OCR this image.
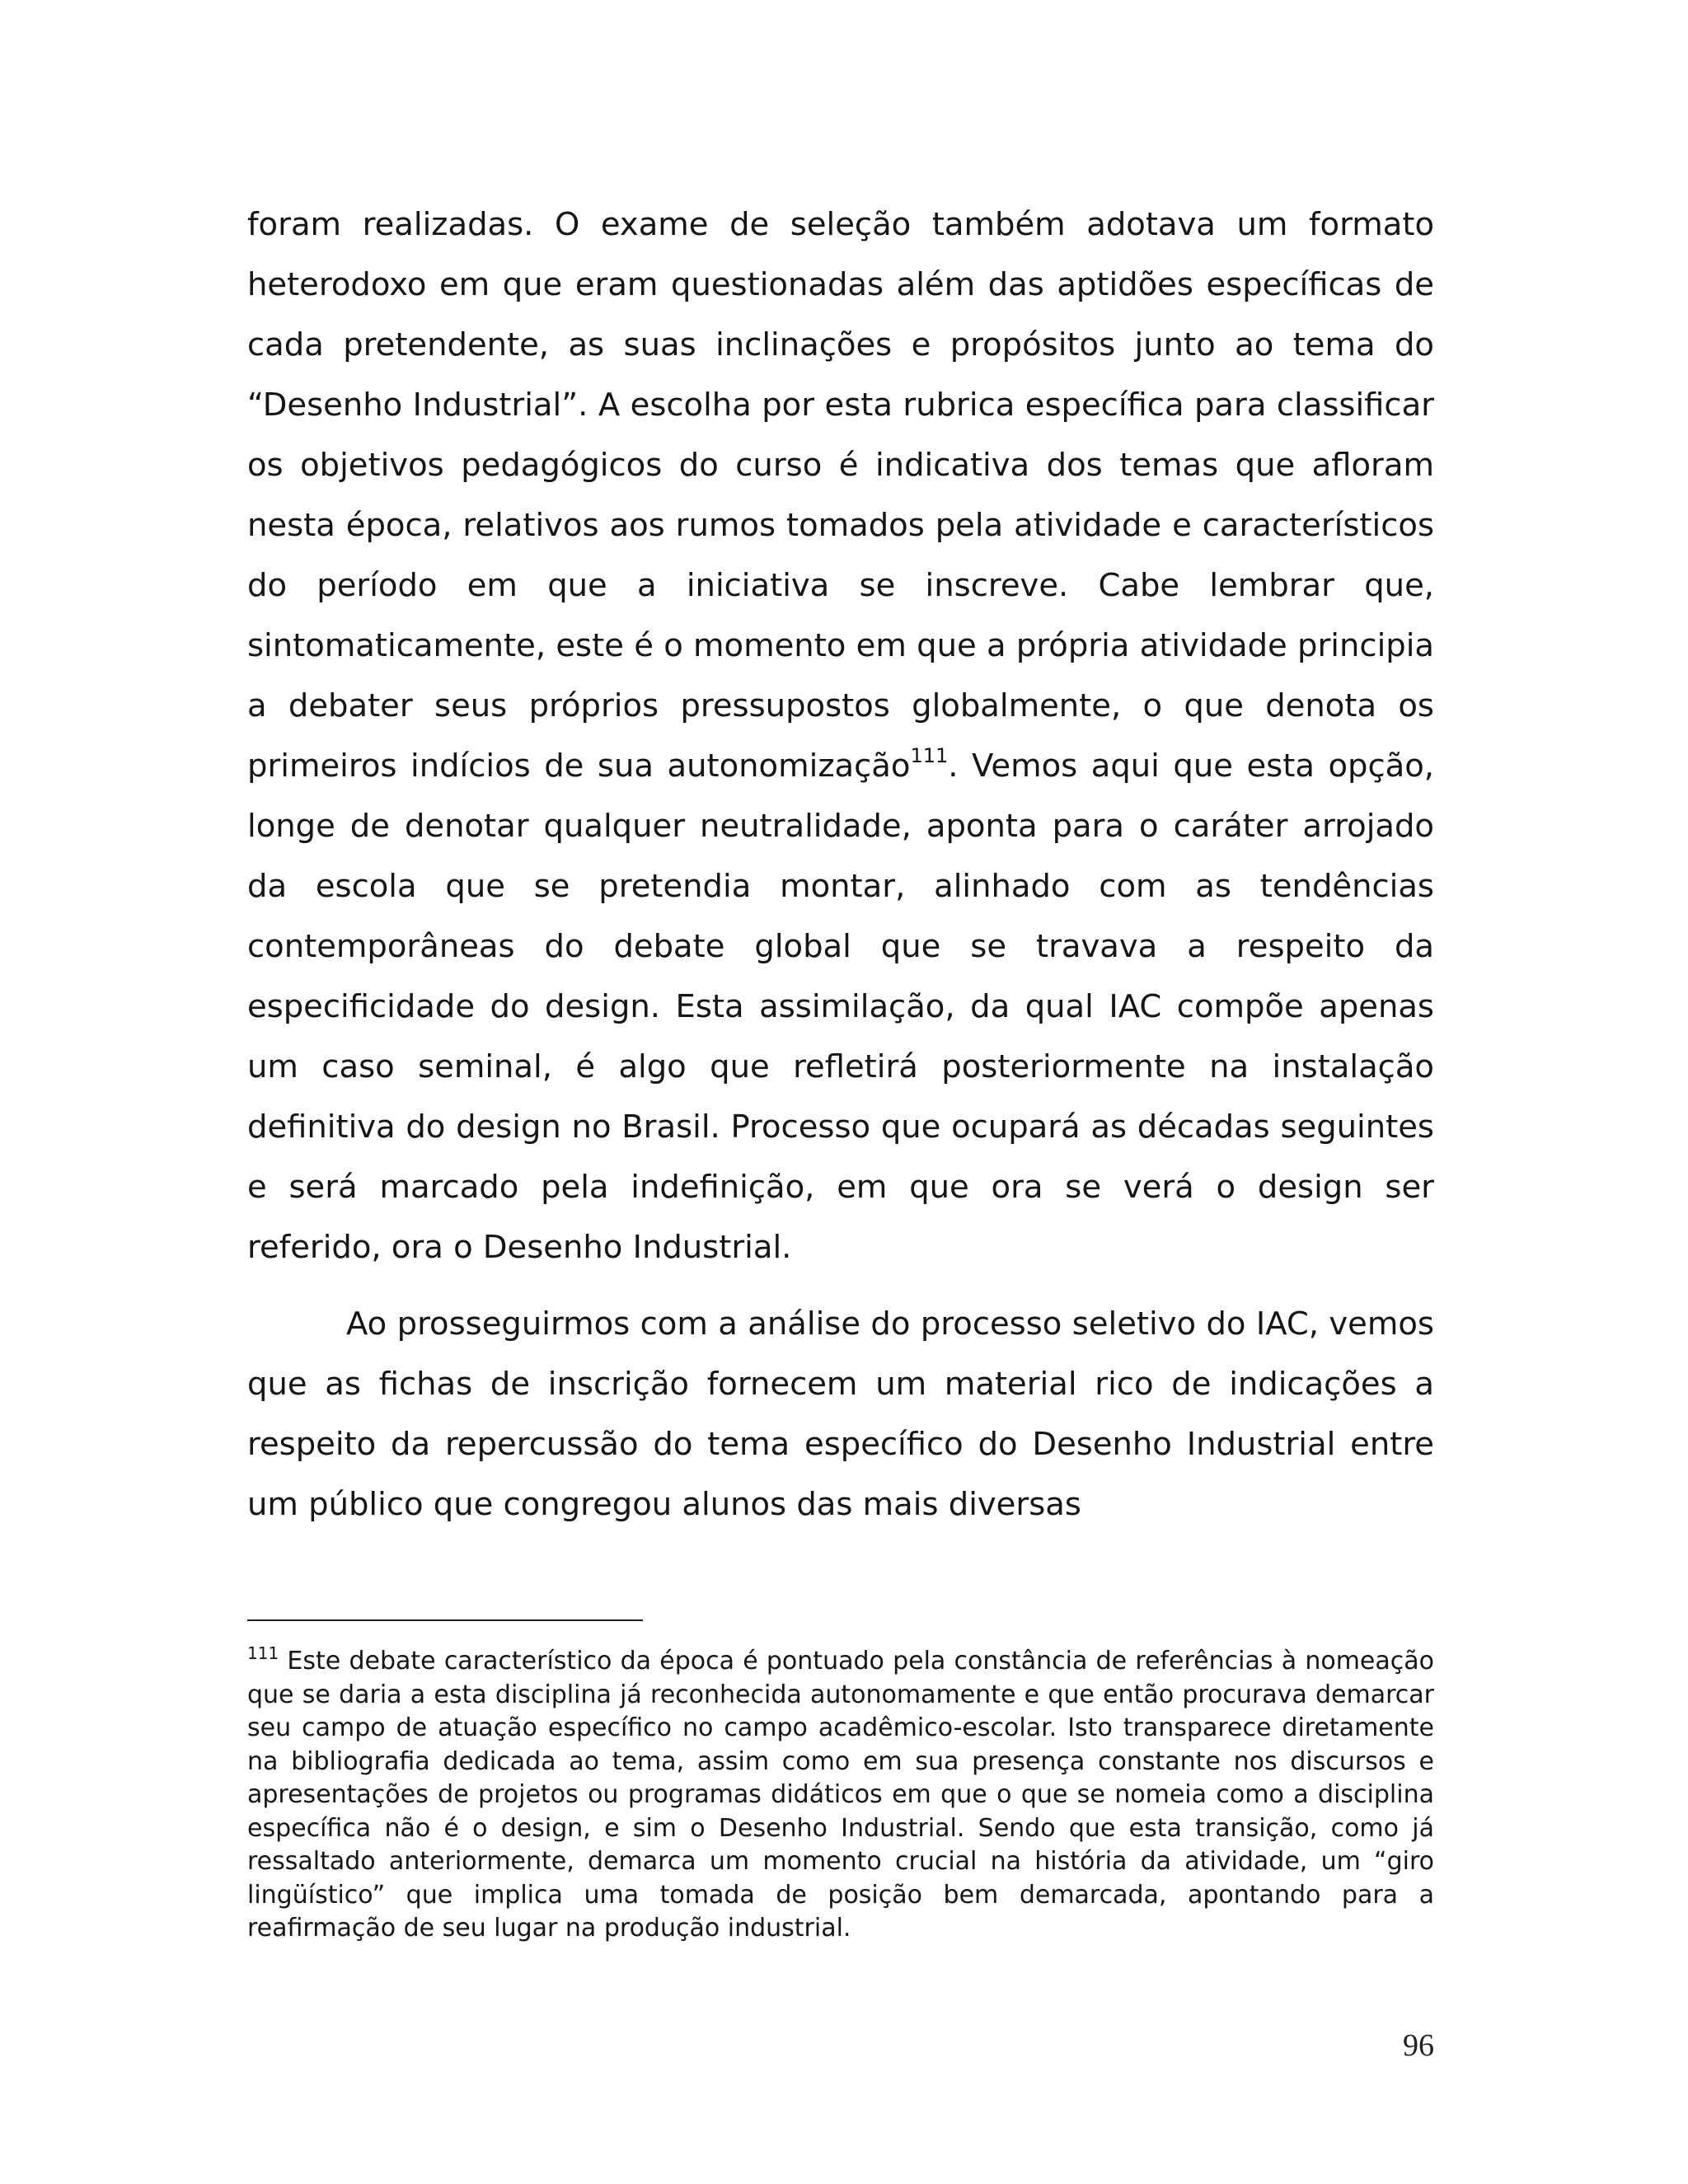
foram realizadas. O exame de seleção também adotava um formato heterodoxo em que eram questionadas além das aptidões específicas de cada pretendente, as suas inclinações e propósitos junto ao tema do “Desenho Industrial”. A escolha por esta rubrica específica para classificar os objetivos pedagógicos do curso é indicativa dos temas que afloram nesta época, relativos aos rumos tomados pela atividade e característicos do período em que a iniciativa se inscreve. Cabe lembrar que, sintomaticamente, este é o momento em que a própria atividade principia a debater seus próprios pressupostos globalmente, o que denota os primeiros indícios de sua autonomização$^{111}$. Vemos aqui que esta opção, longe de denotar qualquer neutralidade, aponta para o caráter arrojado da escola que se pretendia montar, alinhado com as tendências contemporâneas do debate global que se travava a respeito da especificidade do design. Esta assimilação, da qual IAC compõe apenas um caso seminal, é algo que refletirá posteriormente na instalação definitiva do design no Brasil. Processo que ocupará as décadas seguintes e será marcado pela indefinição, em que ora se verá o design ser referido, ora o Desenho Industrial.

Ao prosseguirmos com a análise do processo seletivo do IAC, vemos que as fichas de inscrição fornecem um material rico de indicações a respeito da repercussão do tema específico do Desenho Industrial entre um público que congregou alunos das mais diversas

$^{111}$ Este debate característico da época é pontuado pela constância de referências à nomeação que se daria a esta disciplina já reconhecida autonomamente e que então procurava demarcar seu campo de atuação específico no campo acadêmico-escolar. Isto transparece diretamente na bibliografia dedicada ao tema, assim como em sua presença constante nos discursos e apresentações de projetos ou programas didáticos em que o que se nomeia como a disciplina específica não é o design, e sim o Desenho Industrial. Sendo que esta transição, como já ressaltado anteriormente, demarca um momento crucial na história da atividade, um “giro lingüístico” que implica uma tomada de posição bem demarcada, apontando para a reafirmação de seu lugar na produção industrial.

96
